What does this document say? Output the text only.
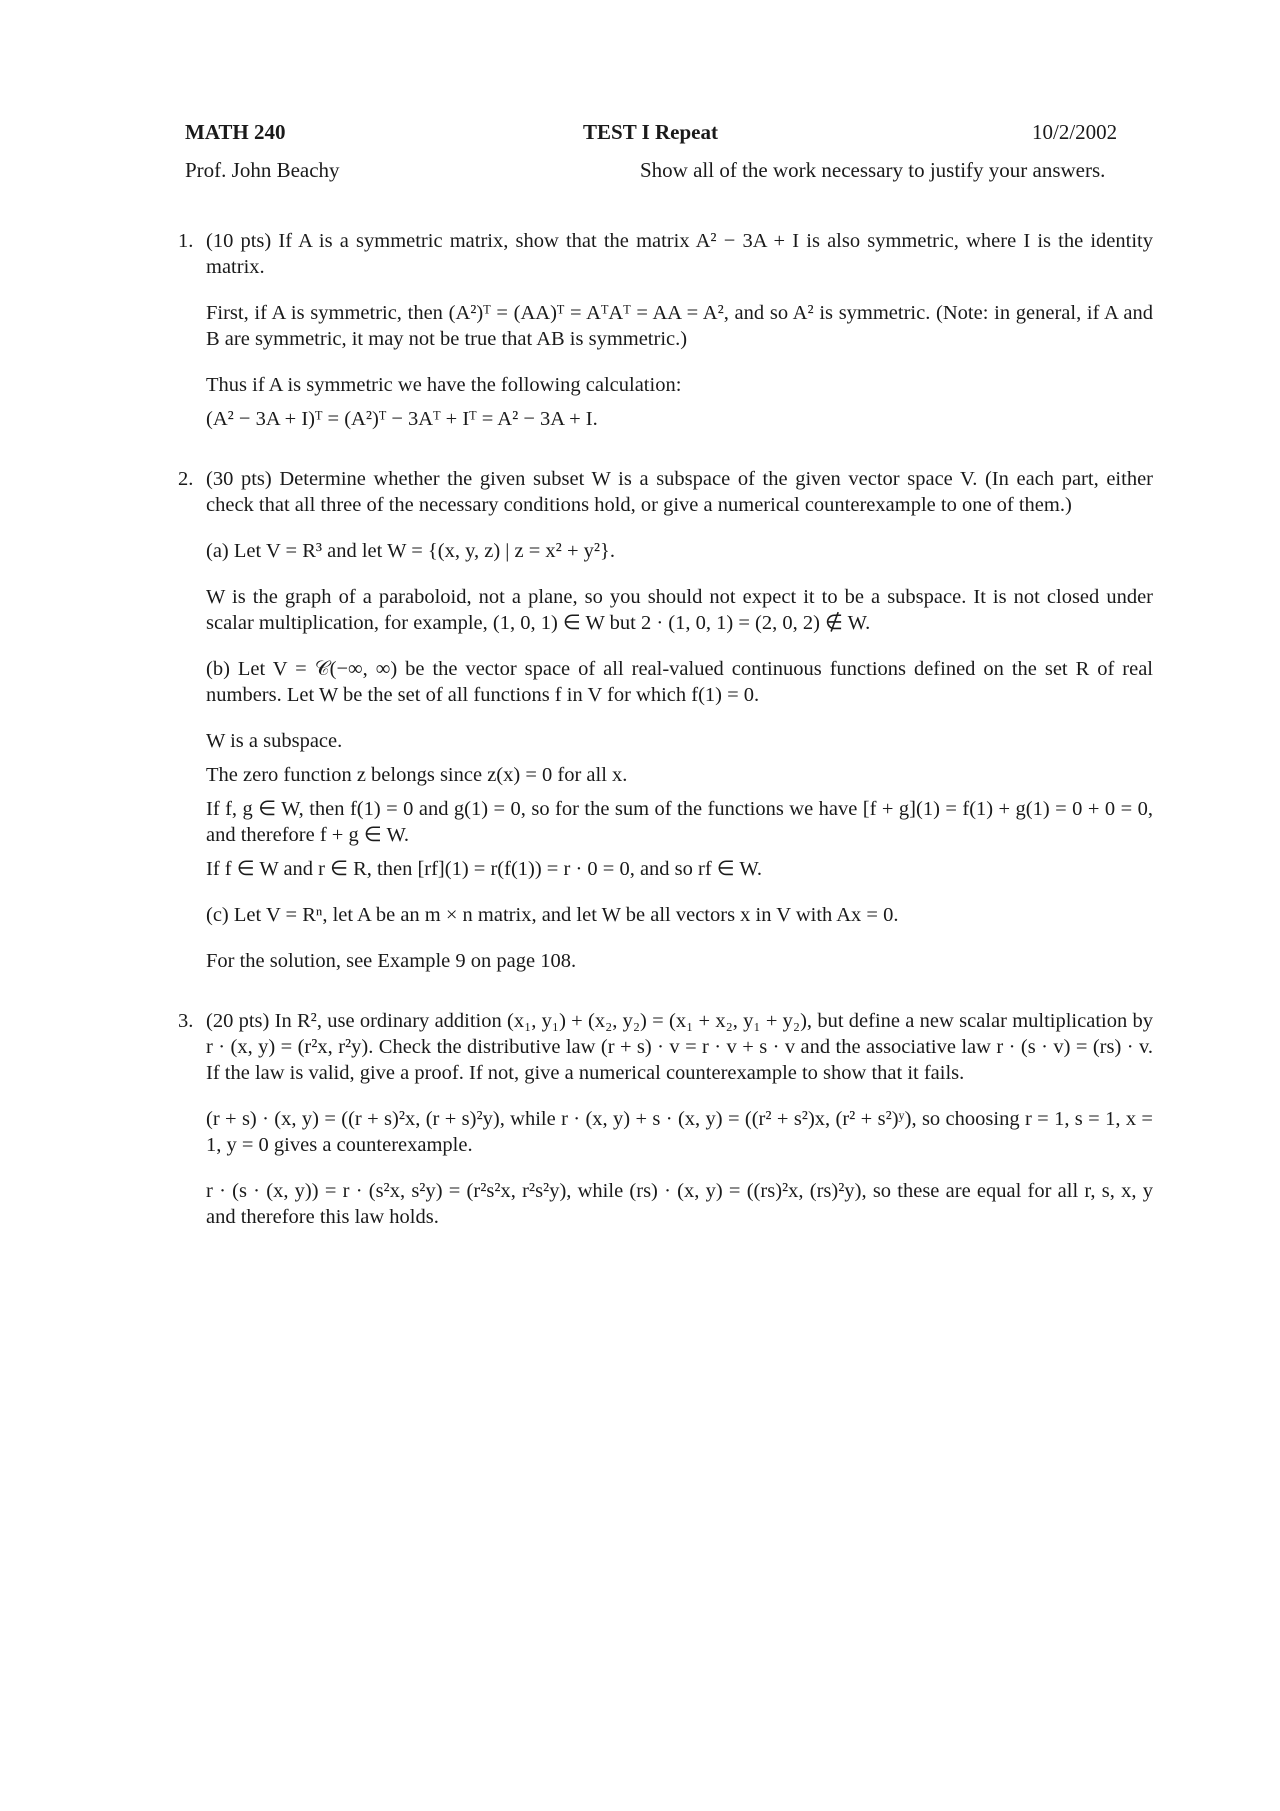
MATH 240	TEST I Repeat	10/2/2002
Prof. John Beachy	Show all of the work necessary to justify your answers.
1. (10 pts) If A is a symmetric matrix, show that the matrix A² − 3A + I is also symmetric, where I is the identity matrix.

First, if A is symmetric, then (A²)ᵀ = (AA)ᵀ = AᵀAᵀ = AA = A², and so A² is symmetric. (Note: in general, if A and B are symmetric, it may not be true that AB is symmetric.)

Thus if A is symmetric we have the following calculation:

(A² − 3A + I)ᵀ = (A²)ᵀ − 3Aᵀ + Iᵀ = A² − 3A + I.

2. (30 pts) Determine whether the given subset W is a subspace of the given vector space V. (In each part, either check that all three of the necessary conditions hold, or give a numerical counterexample to one of them.)

(a) Let V = R³ and let W = {(x, y, z) | z = x² + y²}.

W is the graph of a paraboloid, not a plane, so you should not expect it to be a subspace. It is not closed under scalar multiplication, for example, (1, 0, 1) ∈ W but 2 · (1, 0, 1) = (2, 0, 2) ∉ W.

(b) Let V = 𝒞(−∞, ∞) be the vector space of all real-valued continuous functions defined on the set R of real numbers. Let W be the set of all functions f in V for which f(1) = 0.

W is a subspace.

The zero function z belongs since z(x) = 0 for all x.

If f, g ∈ W, then f(1) = 0 and g(1) = 0, so for the sum of the functions we have [f + g](1) = f(1) + g(1) = 0 + 0 = 0, and therefore f + g ∈ W.

If f ∈ W and r ∈ R, then [rf](1) = r(f(1)) = r · 0 = 0, and so rf ∈ W.

(c) Let V = Rⁿ, let A be an m × n matrix, and let W be all vectors x in V with Ax = 0.

For the solution, see Example 9 on page 108.

3. (20 pts) In R², use ordinary addition (x₁, y₁) + (x₂, y₂) = (x₁ + x₂, y₁ + y₂), but define a new scalar multiplication by r · (x, y) = (r²x, r²y). Check the distributive law (r + s) · v = r · v + s · v and the associative law r · (s · v) = (rs) · v. If the law is valid, give a proof. If not, give a numerical counterexample to show that it fails.

(r + s) · (x, y) = ((r + s)²x, (r + s)²y), while r · (x, y) + s · (x, y) = ((r² + s²)x, (r² + s²)ʸ), so choosing r = 1, s = 1, x = 1, y = 0 gives a counterexample.

r · (s · (x, y)) = r · (s²x, s²y) = (r²s²x, r²s²y), while (rs) · (x, y) = ((rs)²x, (rs)²y), so these are equal for all r, s, x, y and therefore this law holds.
